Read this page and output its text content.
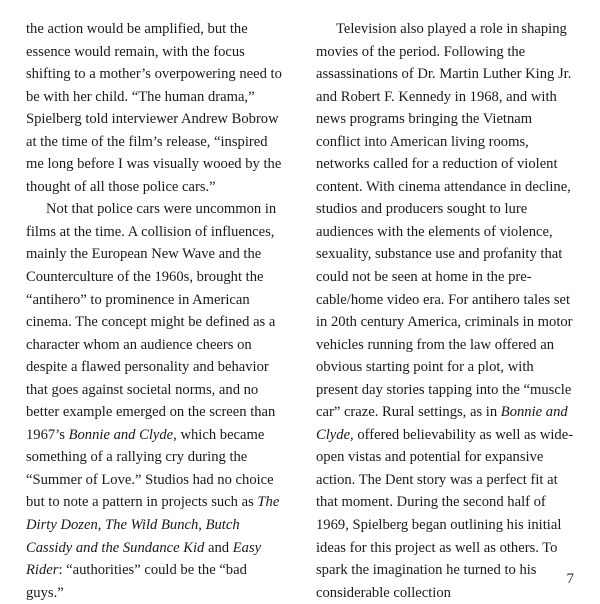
the action would be amplified, but the essence would remain, with the focus shifting to a mother’s overpowering need to be with her child. “The human drama,” Spielberg told interviewer Andrew Bobrow at the time of the film’s release, “inspired me long before I was visually wooed by the thought of all those police cars.”

Not that police cars were uncommon in films at the time. A collision of influences, mainly the European New Wave and the Counterculture of the 1960s, brought the “antihero” to prominence in American cinema. The concept might be defined as a character whom an audience cheers on despite a flawed personality and behavior that goes against societal norms, and no better example emerged on the screen than 1967’s Bonnie and Clyde, which became something of a rallying cry during the “Summer of Love.” Studios had no choice but to note a pattern in projects such as The Dirty Dozen, The Wild Bunch, Butch Cassidy and the Sundance Kid and Easy Rider: “authorities” could be the “bad guys.”

Television also played a role in shaping movies of the period. Following the assassinations of Dr. Martin Luther King Jr. and Robert F. Kennedy in 1968, and with news programs bringing the Vietnam conflict into American living rooms, networks called for a reduction of violent content. With cinema attendance in decline, studios and producers sought to lure audiences with the elements of violence, sexuality, substance use and profanity that could not be seen at home in the pre-cable/home video era. For antihero tales set in 20th century America, criminals in motor vehicles running from the law offered an obvious starting point for a plot, with present day stories tapping into the “muscle car” craze. Rural settings, as in Bonnie and Clyde, offered believability as well as wide-open vistas and potential for expansive action. The Dent story was a perfect fit at that moment. During the second half of 1969, Spielberg began outlining his initial ideas for this project as well as others. To spark the imagination he turned to his considerable collection

7
